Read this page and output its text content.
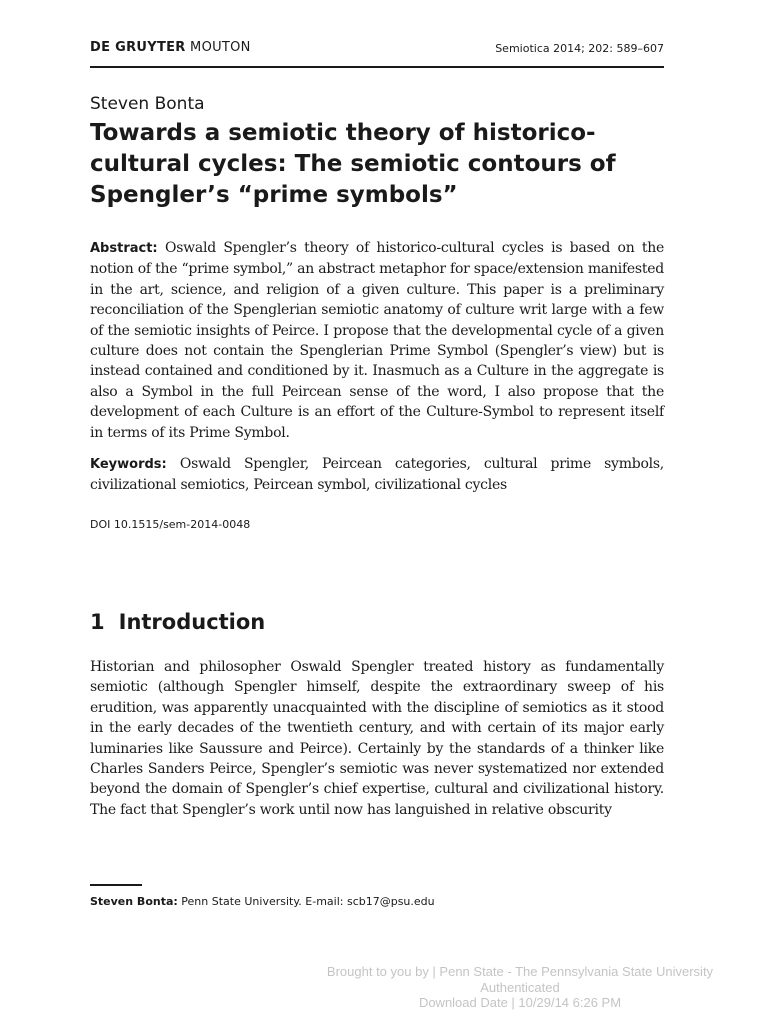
DE GRUYTER MOUTON	Semiotica 2014; 202: 589–607
Steven Bonta
Towards a semiotic theory of historico-cultural cycles: The semiotic contours of Spengler’s “prime symbols”

Abstract: Oswald Spengler’s theory of historico-cultural cycles is based on the notion of the “prime symbol,” an abstract metaphor for space/extension manifested in the art, science, and religion of a given culture. This paper is a preliminary reconciliation of the Spenglerian semiotic anatomy of culture writ large with a few of the semiotic insights of Peirce. I propose that the developmental cycle of a given culture does not contain the Spenglerian Prime Symbol (Spengler’s view) but is instead contained and conditioned by it. Inasmuch as a Culture in the aggregate is also a Symbol in the full Peircean sense of the word, I also propose that the development of each Culture is an effort of the Culture-Symbol to represent itself in terms of its Prime Symbol.

Keywords: Oswald Spengler, Peircean categories, cultural prime symbols, civilizational semiotics, Peircean symbol, civilizational cycles

DOI 10.1515/sem-2014-0048
1 Introduction

Historian and philosopher Oswald Spengler treated history as fundamentally semiotic (although Spengler himself, despite the extraordinary sweep of his erudition, was apparently unacquainted with the discipline of semiotics as it stood in the early decades of the twentieth century, and with certain of its major early luminaries like Saussure and Peirce). Certainly by the standards of a thinker like Charles Sanders Peirce, Spengler’s semiotic was never systematized nor extended beyond the domain of Spengler’s chief expertise, cultural and civilizational history. The fact that Spengler’s work until now has languished in relative obscurity

Steven Bonta: Penn State University. E-mail: scb17@psu.edu
Brought to you by | Penn State - The Pennsylvania State University
Authenticated
Download Date | 10/29/14 6:26 PM
